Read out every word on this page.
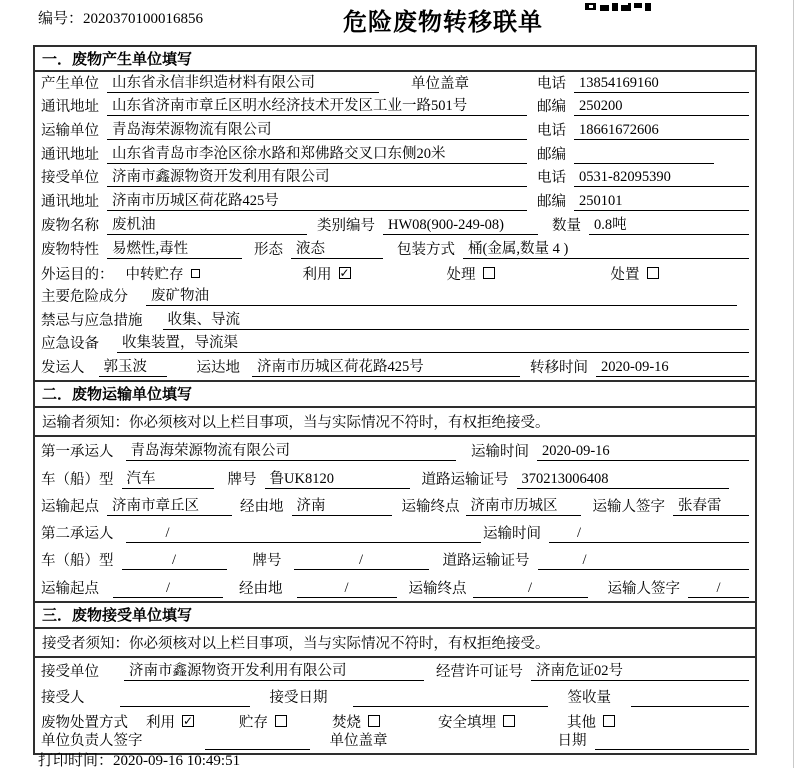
编号：2020370100016856	危险废物转移联单
一．废物产生单位填写
产生单位 山东省永信非织造材料有限公司	单位盖章	电话 13854169160
通讯地址 山东省济南市章丘区明水经济技术开发区工业一路501号	邮编 250200
运输单位 青岛海荣源物流有限公司	电话 18661672606
通讯地址 山东省青岛市李沧区徐水路和郑佛路交叉口东侧20米	邮编
接受单位 济南市鑫源物资开发利用有限公司	电话 0531-82095390
通讯地址 济南市历城区荷花路425号	邮编 250101
废物名称 废机油	类别编号 HW08(900-249-08)	数量 0.8吨
废物特性 易燃性,毒性	形态 液态	包装方式 桶(金属,数量 4 )
外运目的： 中转贮存	利用 ✓	处理	处置
主要危险成分	废矿物油
禁忌与应急措施	收集、导流
应急设备	收集装置，导流渠
发运人	郭玉波	运达地	济南市历城区荷花路425号	转移时间 2020-09-16
二．废物运输单位填写
运输者须知：你必须核对以上栏目事项，当与实际情况不符时，有权拒绝接受。
第一承运人	青岛海荣源物流有限公司	运输时间 2020-09-16
车（船）型 汽车	牌号 鲁UK8120	道路运输证号 370213006408
运输起点 济南市章丘区	经由地 济南	运输终点 济南市历城区	运输人签字 张春雷
第二承运人	/	运输时间	/
车（船）型	/	牌号	/	道路运输证号	/
运输起点	/	经由地	/	运输终点	/	运输人签字	/
三．废物接受单位填写
接受者须知：你必须核对以上栏目事项，当与实际情况不符时，有权拒绝接受。
接受单位	济南市鑫源物资开发利用有限公司	经营许可证号 济南危证02号
接受人	接受日期	签收量
废物处置方式 利用 ✓	贮存	焚烧	安全填埋	其他
单位负责人签字	单位盖章	日期
打印时间：2020-09-16 10:49:51
